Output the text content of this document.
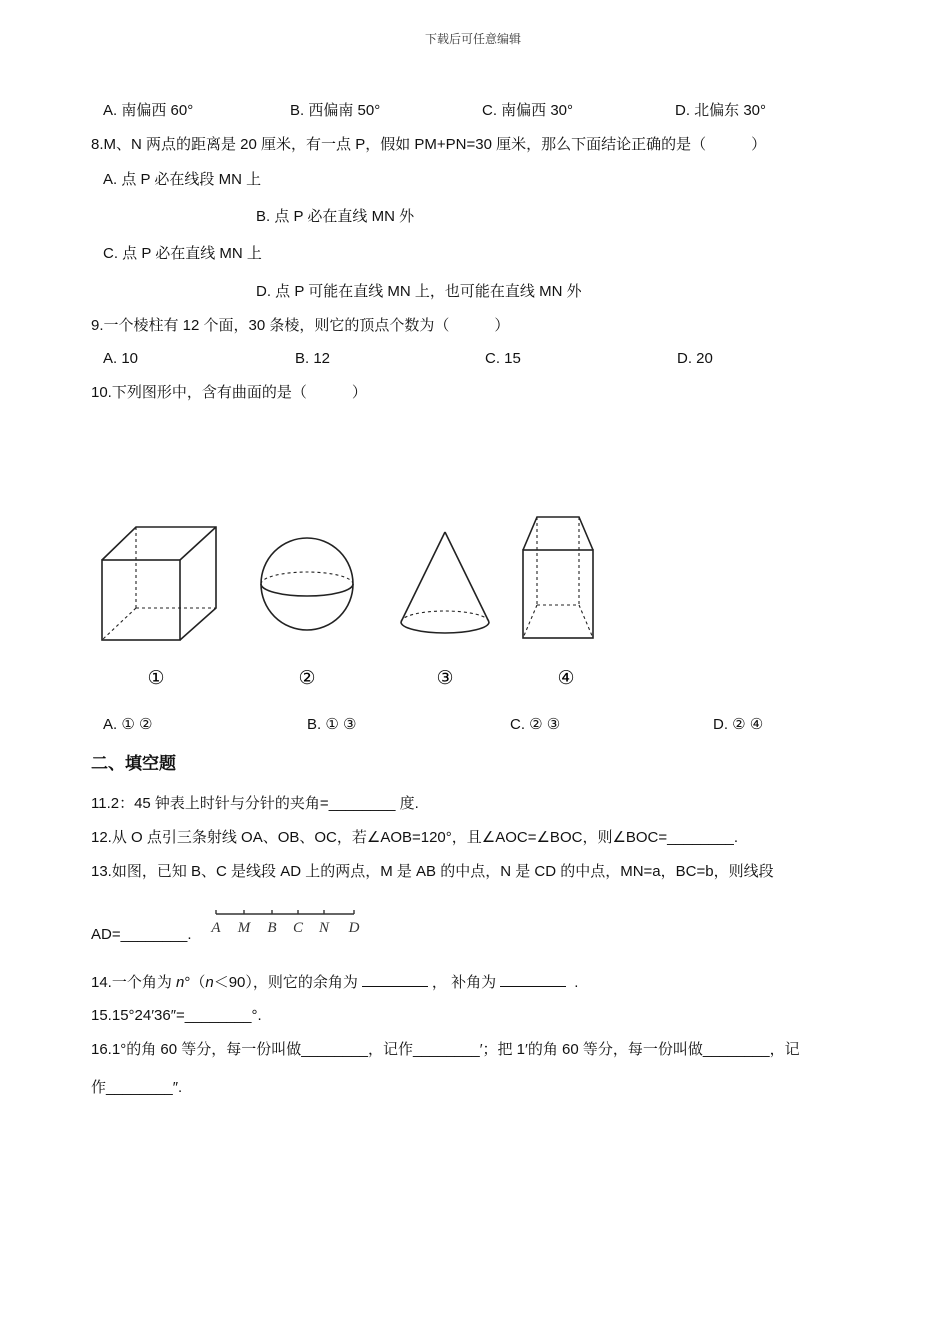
下载后可任意编辑
A. 南偏西 60°	B. 西偏南 50°	C. 南偏西 30°	D. 北偏东 30°
8.M、N 两点的距离是 20 厘米，有一点 P，假如 PM+PN=30 厘米，那么下面结论正确的是（　　　）
A. 点 P 必在线段 MN 上
B. 点 P 必在直线 MN 外
C. 点 P 必在直线 MN 上
D. 点 P 可能在直线 MN 上，也可能在直线 MN 外
9.一个棱柱有 12 个面，30 条棱，则它的顶点个数为（　　　）
A. 10	B. 12	C. 15	D. 20
10.下列图形中，含有曲面的是（　　　）
①	②	③	④
A. ① ②	B. ① ③	C. ② ③	D. ② ④
二、填空题
11.2：45 钟表上时针与分针的夹角=________ 度.
12.从 O 点引三条射线 OA、OB、OC，若∠AOB=120°，且∠AOC=∠BOC，则∠BOC=________.
13.如图，已知 B、C 是线段 AD 上的两点，M 是 AB 的中点，N 是 CD 的中点，MN=a，BC=b，则线段
AD=________. A M B C N D
14.一个角为 n°（n＜90），则它的余角为	， 补角为	.
15.15°24′36″=________°.
16.1°的角 60 等分，每一份叫做________，记作________′；把 1′的角 60 等分，每一份叫做________，记
作________″.
